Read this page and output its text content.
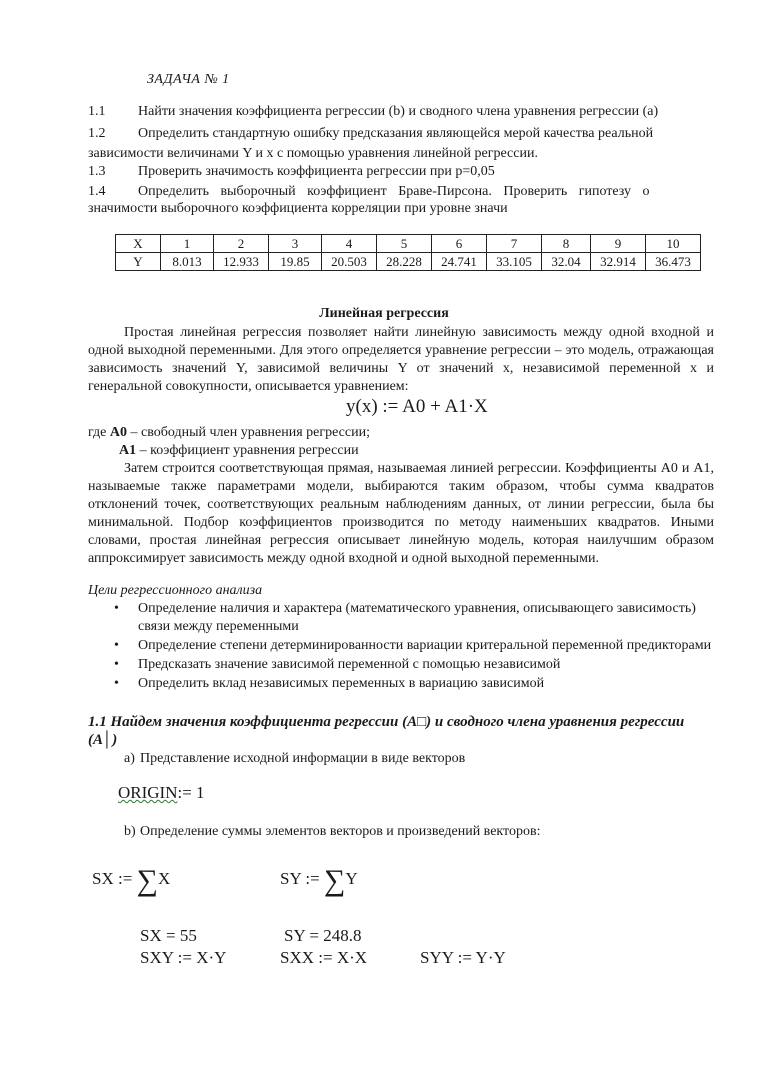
ЗАДАЧА № 1
1.1 Найти значения коэффициента регрессии (b) и сводного члена уравнения регрессии (а)
1.2 Определить стандартную ошибку предсказания являющейся мерой качества реальной
зависимости величинами Y и x с помощью уравнения линейной регрессии.
1.3 Проверить значимость коэффициента регрессии при p=0,05
1.4 Определить выборочный коэффициент Браве-Пирсона. Проверить гипотезу о
значимости выборочного коэффициента корреляции при уровне значи
X	1	2	3	4	5	6	7	8	9	10
Y	8.013	12.933	19.85	20.503	28.228	24.741	33.105	32.04	32.914	36.473
Линейная регрессия
Простая линейная регрессия позволяет найти линейную зависимость между одной входной и одной выходной переменными. Для этого определяется уравнение регрессии – это модель, отражающая зависимость значений Y, зависимой величины Y от значений x, независимой переменной x и генеральной совокупности, описывается уравнением:
y(x) := A0 + A1·X
где A0 – свободный член уравнения регрессии;
A1 – коэффициент уравнения регрессии
Затем строится соответствующая прямая, называемая линией регрессии. Коэффициенты A0 и A1, называемые также параметрами модели, выбираются таким образом, чтобы сумма квадратов отклонений точек, соответствующих реальным наблюдениям данных, от линии регрессии, была бы минимальной. Подбор коэффициентов производится по методу наименьших квадратов. Иными словами, простая линейная регрессия описывает линейную модель, которая наилучшим образом аппроксимирует зависимость между одной входной и одной выходной переменными.
Цели регрессионного анализа
• Определение наличия и характера (математического уравнения, описывающего зависимость) связи между переменными
• Определение степени детерминированности вариации критеральной переменной предикторами
• Предсказать значение зависимой переменной с помощью независимой
• Определить вклад независимых переменных в вариацию зависимой
1.1 Найдем значения коэффициента регрессии (A□) и сводного члена уравнения регрессии (A│)
a) Представление исходной информации в виде векторов
ORIGIN:= 1
b) Определение суммы элементов векторов и произведений векторов:
SX := ∑X	SY := ∑Y
SX = 55	SY = 248.8
SXY := X·Y	SXX := X·X	SYY := Y·Y
